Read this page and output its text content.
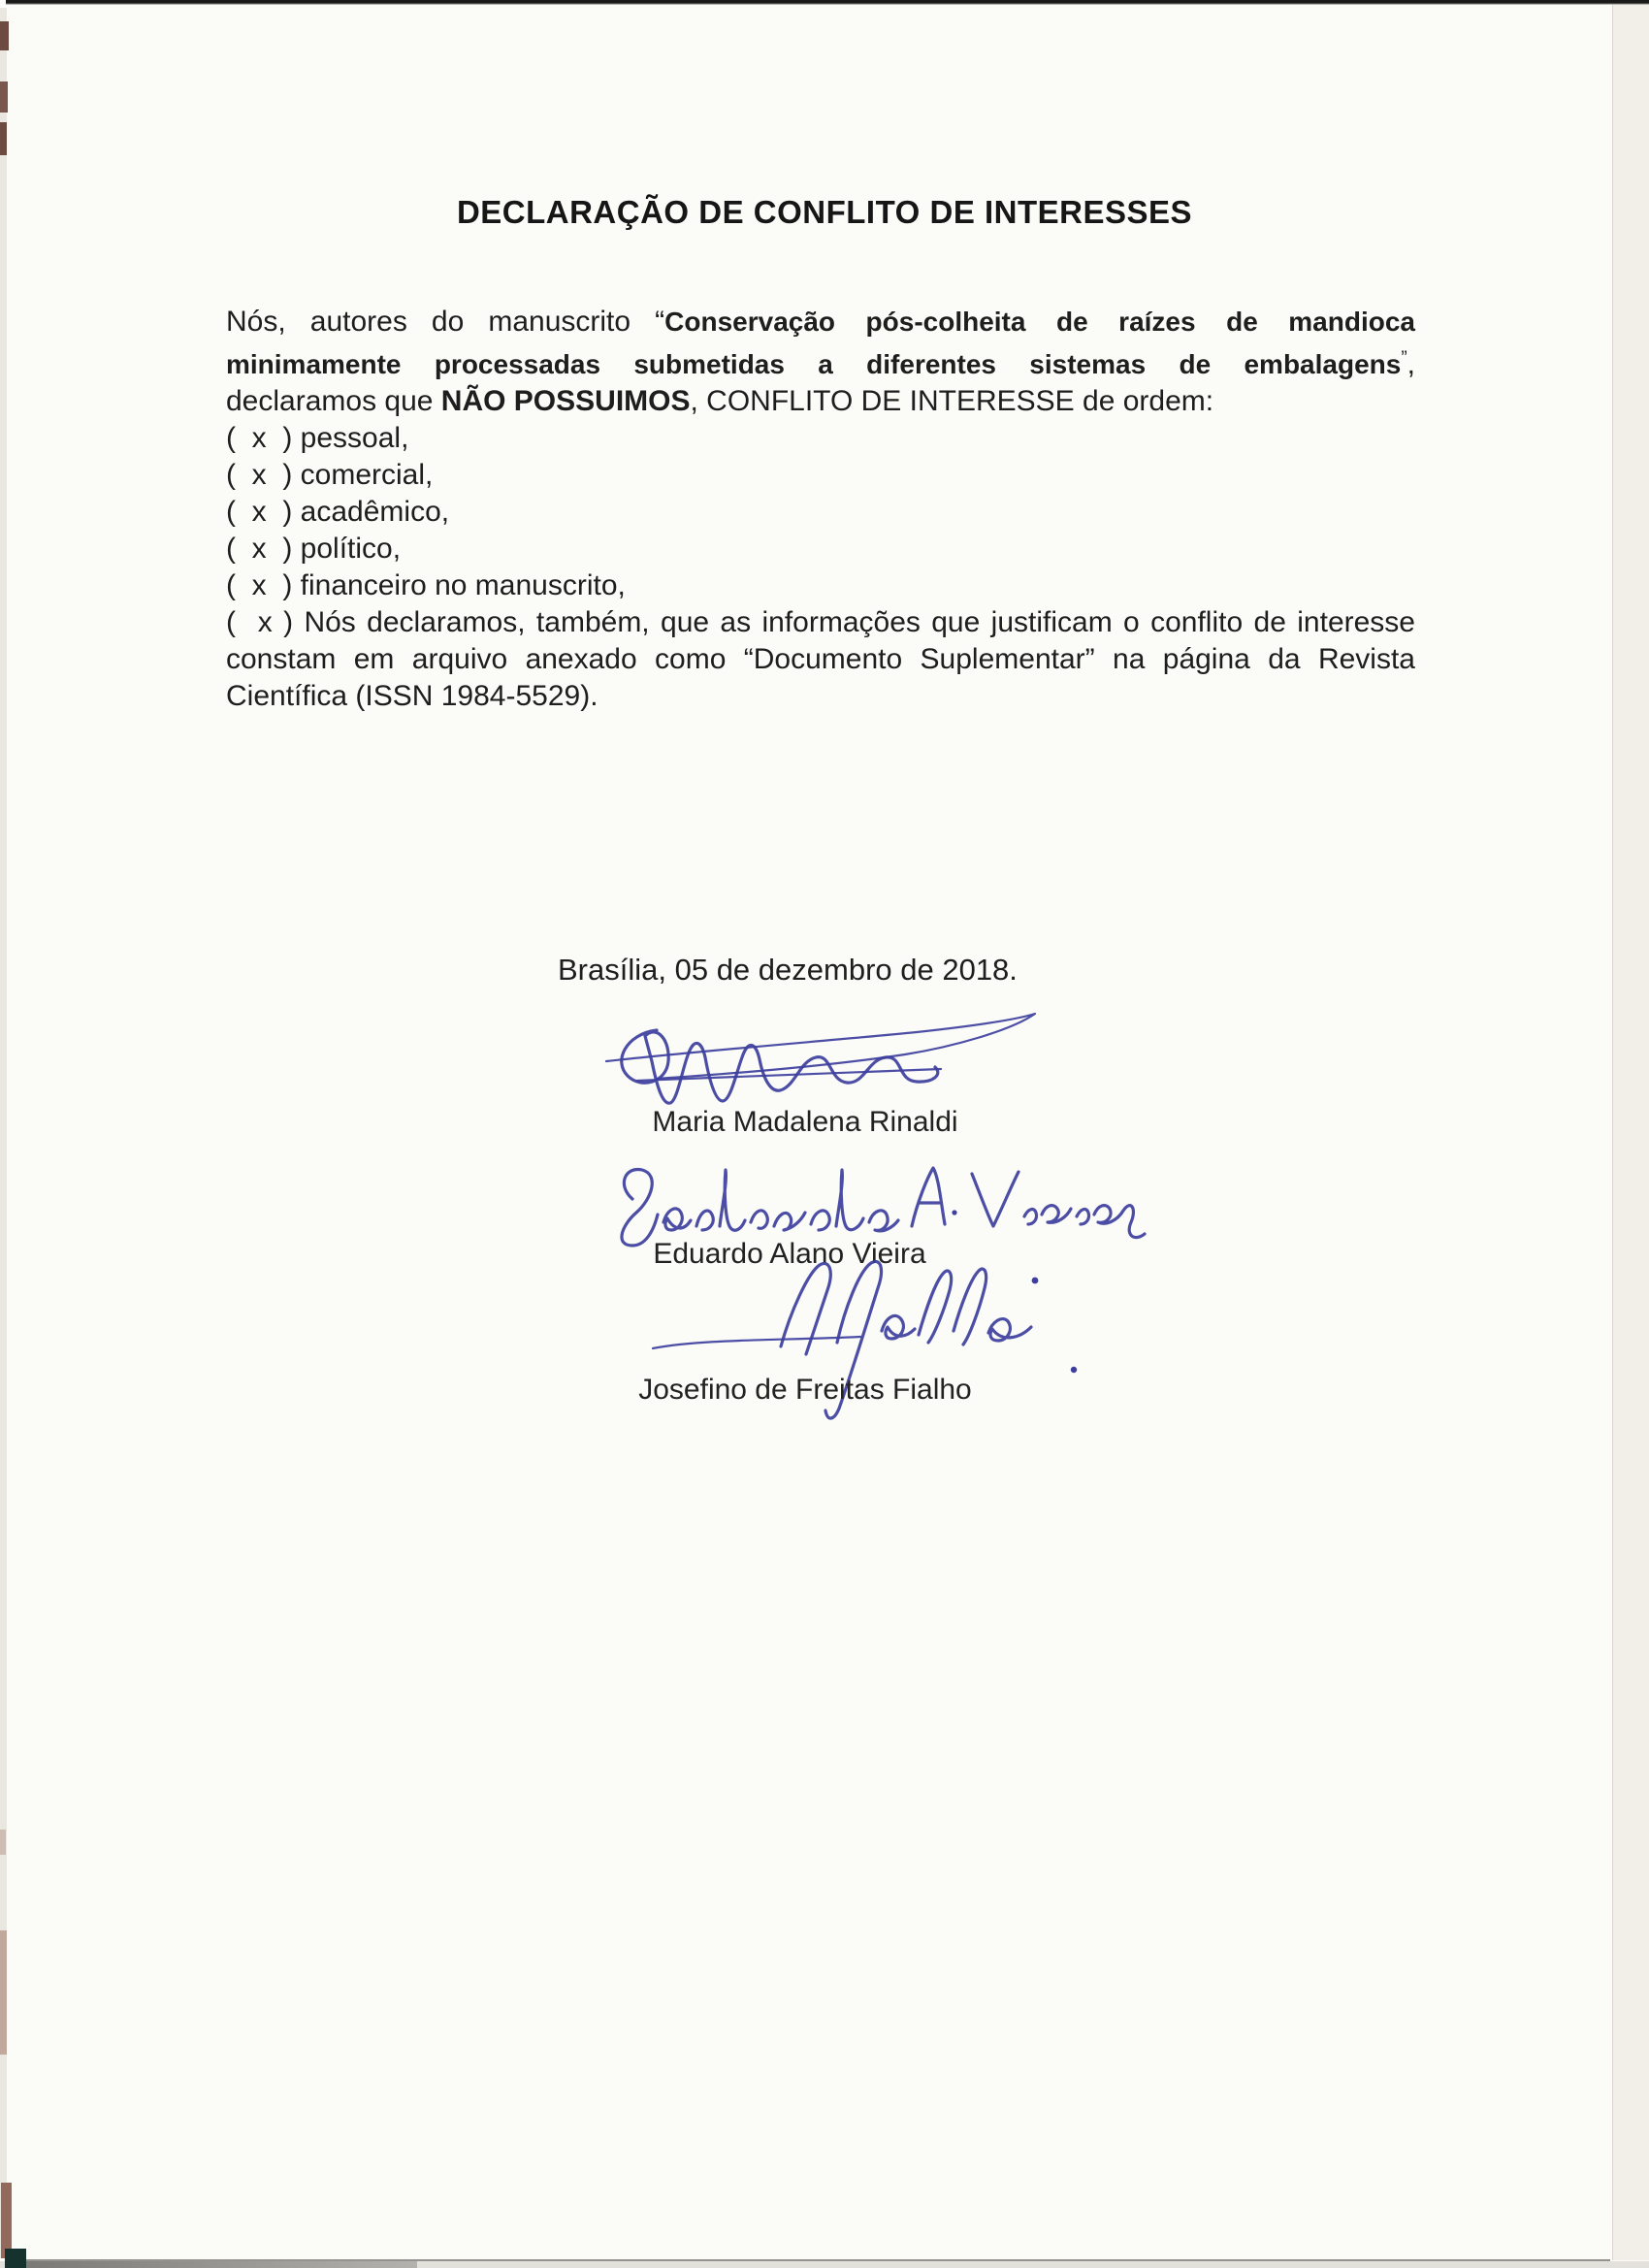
DECLARAÇÃO DE CONFLITO DE INTERESSES
Nós, autores do manuscrito “Conservação pós-colheita de raízes de mandioca minimamente processadas submetidas a diferentes sistemas de embalagens”, declaramos que NÃO POSSUIMOS, CONFLITO DE INTERESSE de ordem:
(  x  ) pessoal,
(  x  ) comercial,
(  x  ) acadêmico,
(  x  ) político,
(  x  ) financeiro no manuscrito,
(  x ) Nós declaramos, também, que as informações que justificam o conflito de interesse constam em arquivo anexado como “Documento Suplementar” na página da Revista Científica (ISSN 1984-5529).
Brasília, 05 de dezembro de 2018.
Maria Madalena Rinaldi
Eduardo Alano Vieira
Josefino de Freitas Fialho
